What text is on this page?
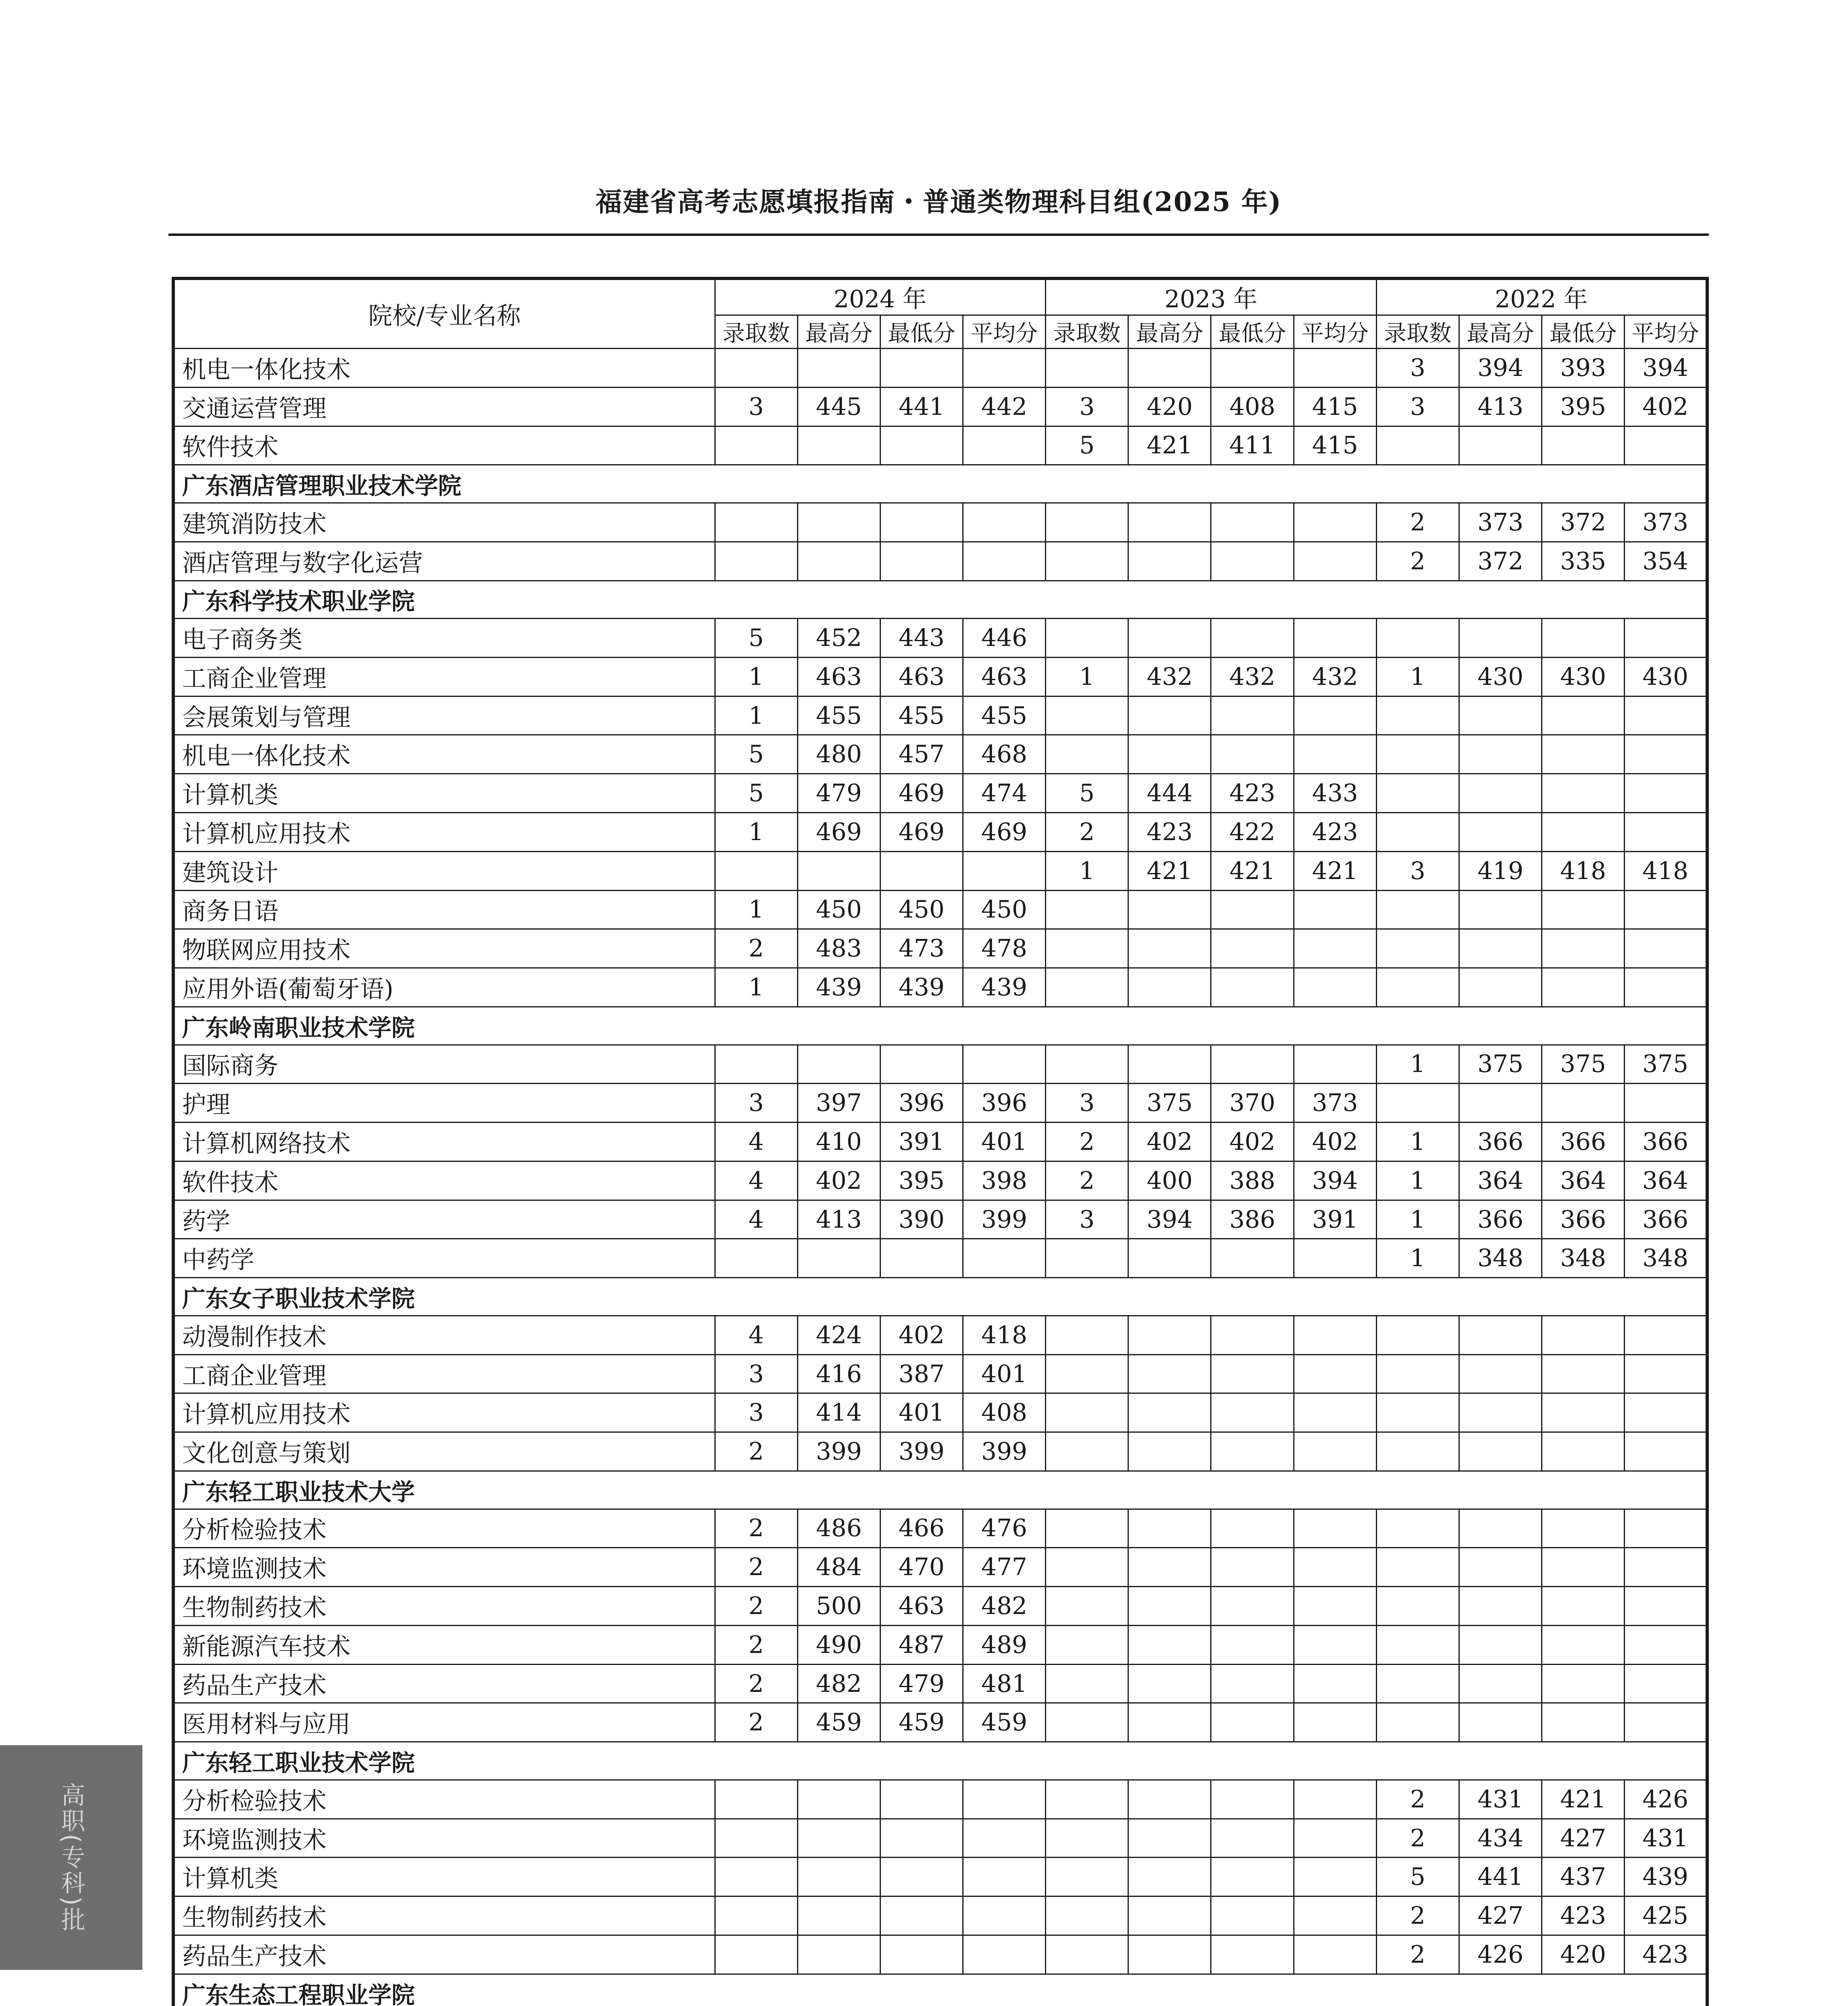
福建省高考志愿填报指南・普通类物理科目组(2025 年)
院校/专业名称	2024 年				2023 年				2022 年			
	录取数	最高分	最低分	平均分	录取数	最高分	最低分	平均分	录取数	最高分	最低分	平均分
机电一体化技术									3	394	393	394
交通运营管理	3	445	441	442	3	420	408	415	3	413	395	402
软件技术					5	421	411	415				
广东酒店管理职业技术学院												
建筑消防技术									2	373	372	373
酒店管理与数字化运营									2	372	335	354
广东科学技术职业学院												
电子商务类	5	452	443	446								
工商企业管理	1	463	463	463	1	432	432	432	1	430	430	430
会展策划与管理	1	455	455	455								
机电一体化技术	5	480	457	468								
计算机类	5	479	469	474	5	444	423	433				
计算机应用技术	1	469	469	469	2	423	422	423				
建筑设计					1	421	421	421	3	419	418	418
商务日语	1	450	450	450								
物联网应用技术	2	483	473	478								
应用外语(葡萄牙语)	1	439	439	439								
广东岭南职业技术学院												
国际商务									1	375	375	375
护理	3	397	396	396	3	375	370	373				
计算机网络技术	4	410	391	401	2	402	402	402	1	366	366	366
软件技术	4	402	395	398	2	400	388	394	1	364	364	364
药学	4	413	390	399	3	394	386	391	1	366	366	366
中药学									1	348	348	348
广东女子职业技术学院												
动漫制作技术	4	424	402	418								
工商企业管理	3	416	387	401								
计算机应用技术	3	414	401	408								
文化创意与策划	2	399	399	399								
广东轻工职业技术大学												
分析检验技术	2	486	466	476								
环境监测技术	2	484	470	477								
生物制药技术	2	500	463	482								
新能源汽车技术	2	490	487	489								
药品生产技术	2	482	479	481								
医用材料与应用	2	459	459	459								
广东轻工职业技术学院												
分析检验技术									2	431	421	426
环境监测技术									2	434	427	431
计算机类									5	441	437	439
生物制药技术									2	427	423	425
药品生产技术									2	426	420	423
广东生态工程职业学院												

高职(专科)批
